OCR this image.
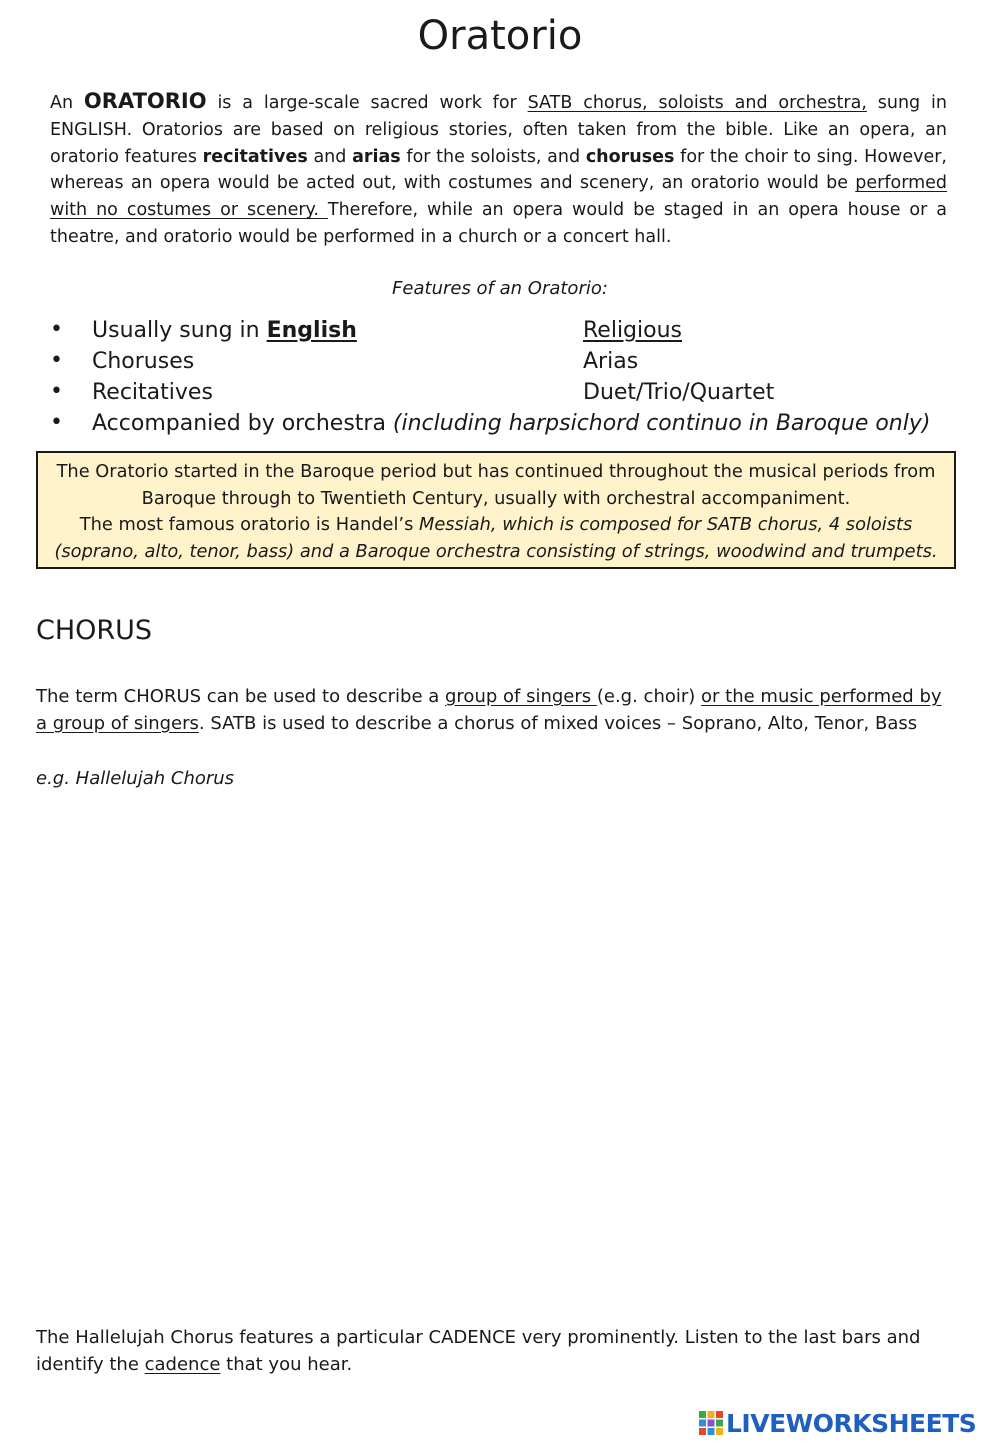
Oratorio
An ORATORIO is a large-scale sacred work for SATB chorus, soloists and orchestra, sung in ENGLISH. Oratorios are based on religious stories, often taken from the bible. Like an opera, an oratorio features recitatives and arias for the soloists, and choruses for the choir to sing. However, whereas an opera would be acted out, with costumes and scenery, an oratorio would be performed with no costumes or scenery. Therefore, while an opera would be staged in an opera house or a theatre, and oratorio would be performed in a church or a concert hall.
Features of an Oratorio:
•
•
•
•
Usually sung in English
Choruses
Recitatives
Accompanied by orchestra (including harpsichord continuo in Baroque only)
Religious
Arias
Duet/Trio/Quartet
The Oratorio started in the Baroque period but has continued throughout the musical periods from
Baroque through to Twentieth Century, usually with orchestral accompaniment.
The most famous oratorio is Handel’s Messiah, which is composed for SATB chorus, 4 soloists
(soprano, alto, tenor, bass) and a Baroque orchestra consisting of strings, woodwind and trumpets.
CHORUS
The term CHORUS can be used to describe a group of singers (e.g. choir) or the music performed by a group of singers. SATB is used to describe a chorus of mixed voices – Soprano, Alto, Tenor, Bass
e.g. Hallelujah Chorus
The Hallelujah Chorus features a particular CADENCE very prominently. Listen to the last bars and identify the cadence that you hear.
LIVEWORKSHEETS
